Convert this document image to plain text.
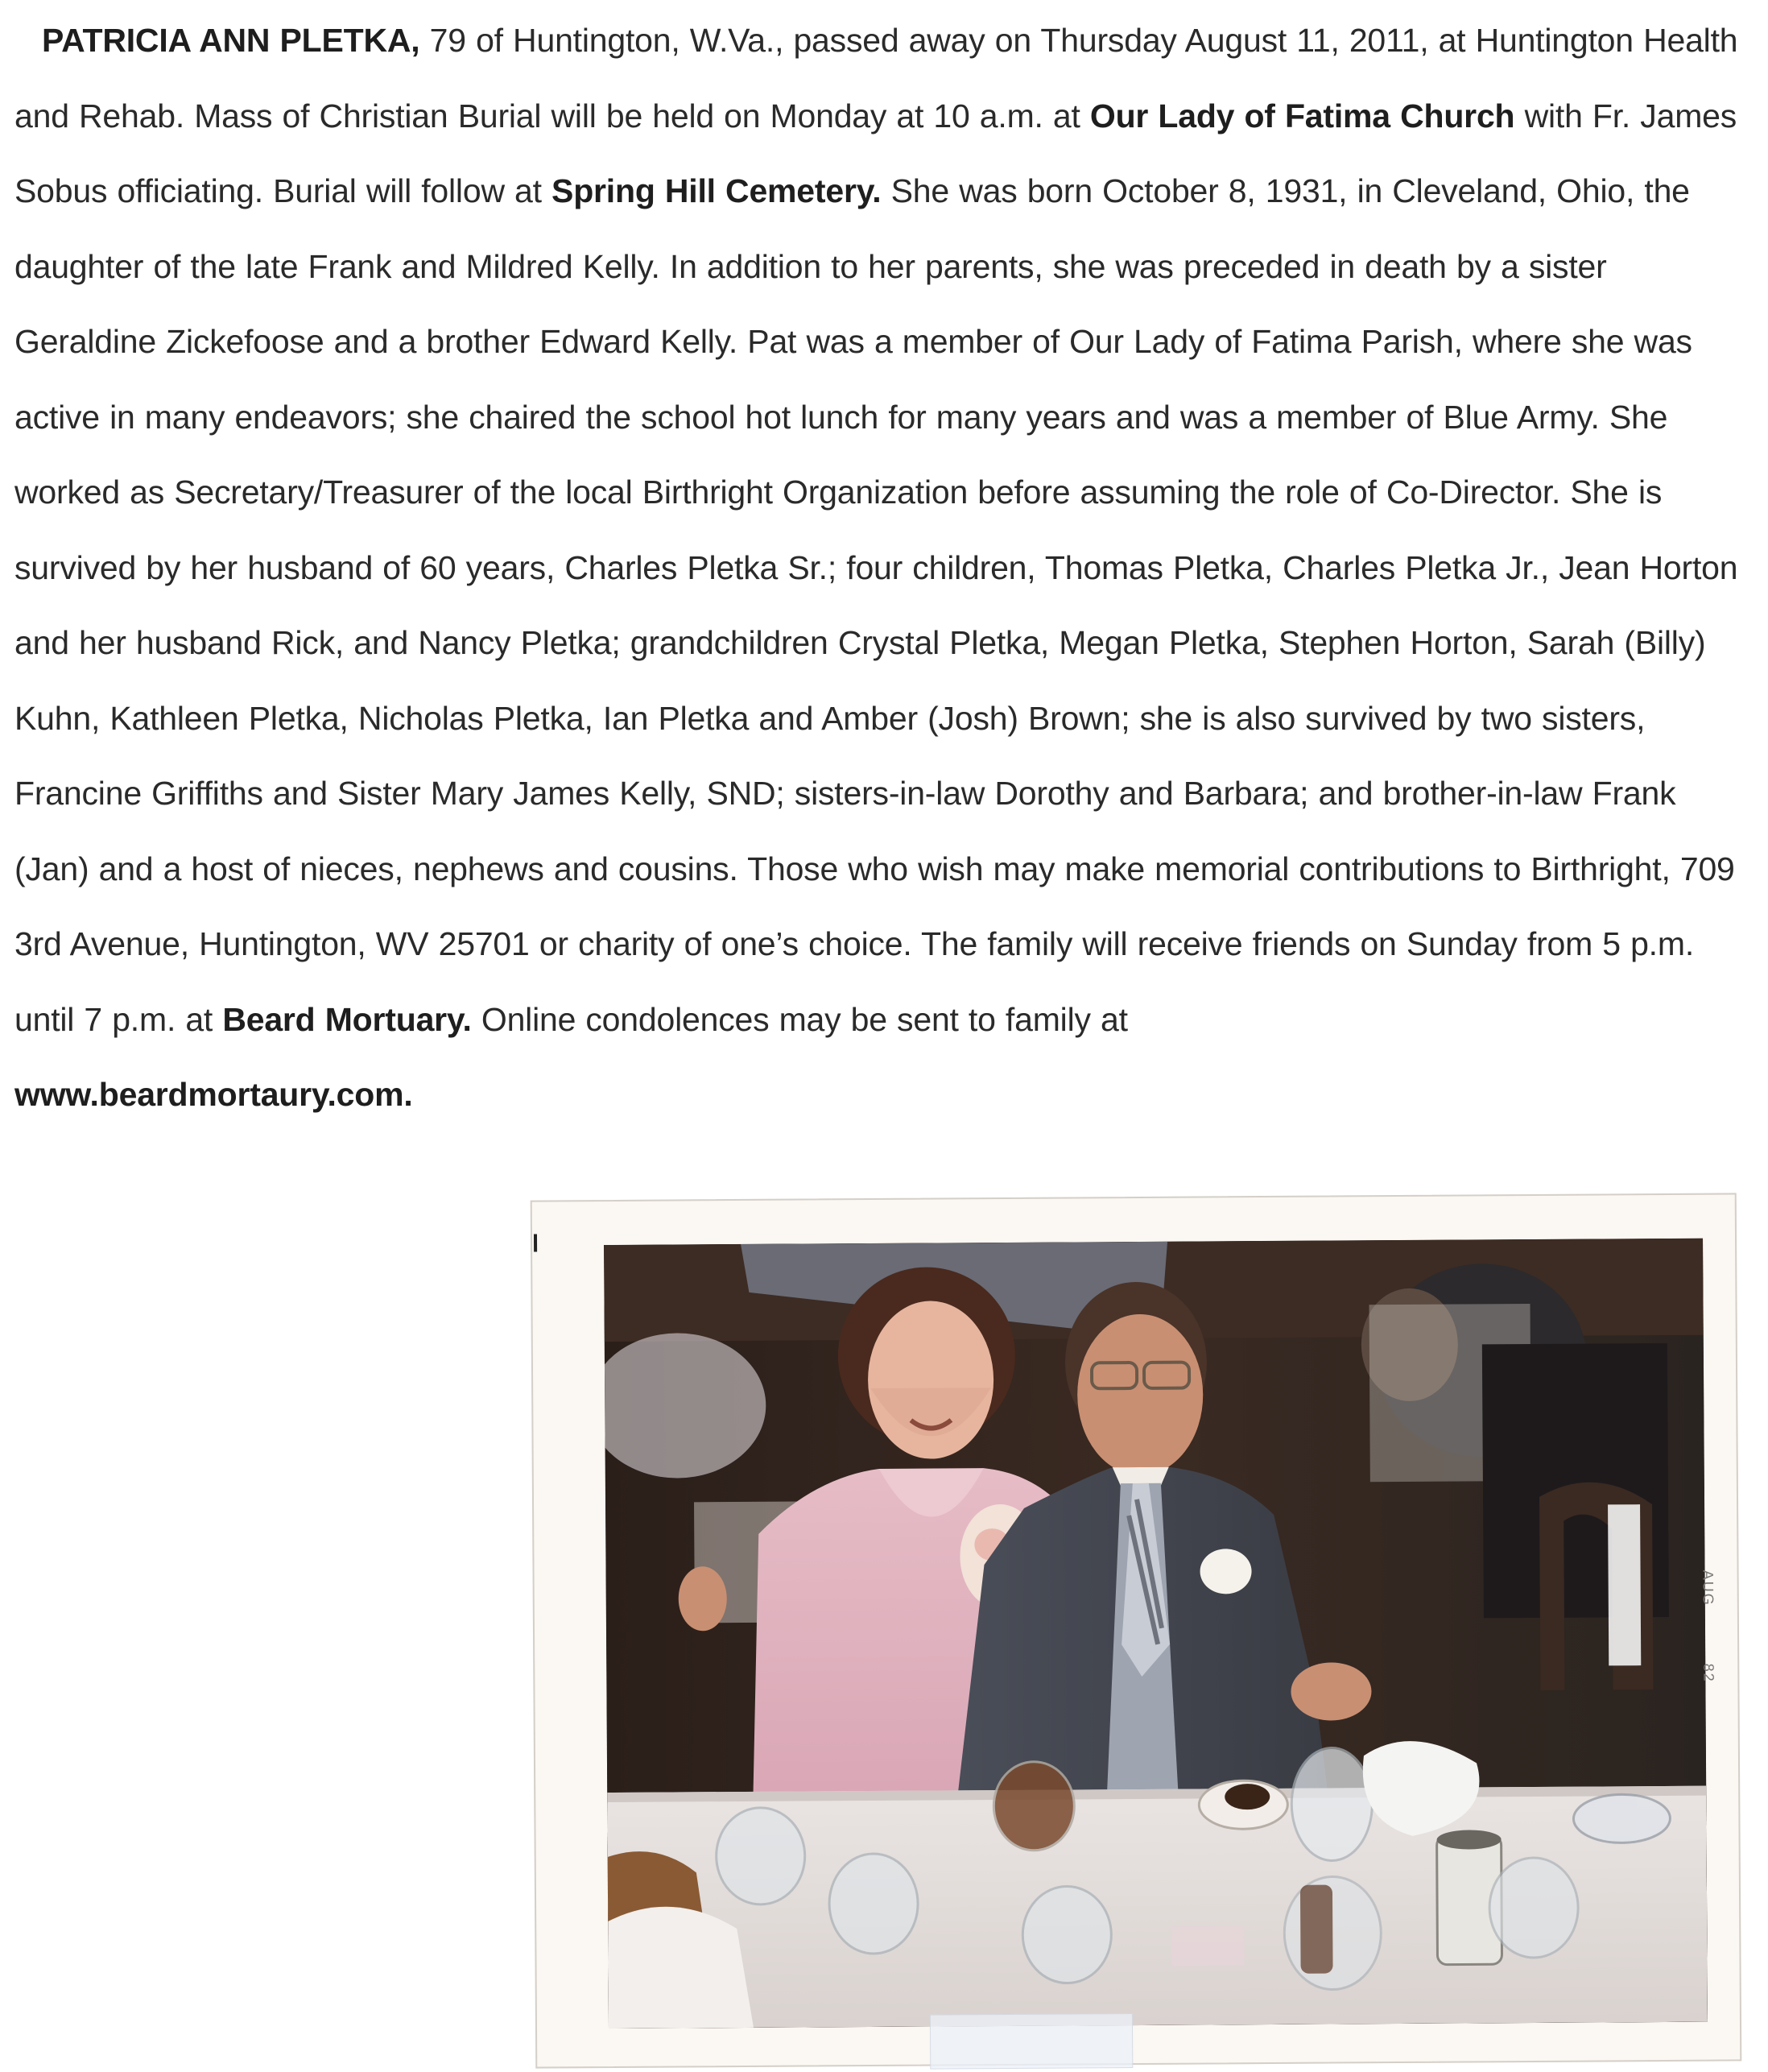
PATRICIA ANN PLETKA, 79 of Huntington, W.Va., passed away on Thursday August 11, 2011, at Huntington Health and Rehab. Mass of Christian Burial will be held on Monday at 10 a.m. at Our Lady of Fatima Church with Fr. James Sobus officiating. Burial will follow at Spring Hill Cemetery. She was born October 8, 1931, in Cleveland, Ohio, the daughter of the late Frank and Mildred Kelly. In addition to her parents, she was preceded in death by a sister Geraldine Zickefoose and a brother Edward Kelly. Pat was a member of Our Lady of Fatima Parish, where she was active in many endeavors; she chaired the school hot lunch for many years and was a member of Blue Army. She worked as Secretary/Treasurer of the local Birthright Organization before assuming the role of Co-Director. She is survived by her husband of 60 years, Charles Pletka Sr.; four children, Thomas Pletka, Charles Pletka Jr., Jean Horton and her husband Rick, and Nancy Pletka; grandchildren Crystal Pletka, Megan Pletka, Stephen Horton, Sarah (Billy) Kuhn, Kathleen Pletka, Nicholas Pletka, Ian Pletka and Amber (Josh) Brown; she is also survived by two sisters, Francine Griffiths and Sister Mary James Kelly, SND; sisters-in-law Dorothy and Barbara; and brother-in-law Frank (Jan) and a host of nieces, nephews and cousins. Those who wish may make memorial contributions to Birthright, 709 3rd Avenue, Huntington, WV 25701 or charity of one’s choice. The family will receive friends on Sunday from 5 p.m. until 7 p.m. at Beard Mortuary. Online condolences may be sent to family at
www.beardmortaury.com.

AUG
82
